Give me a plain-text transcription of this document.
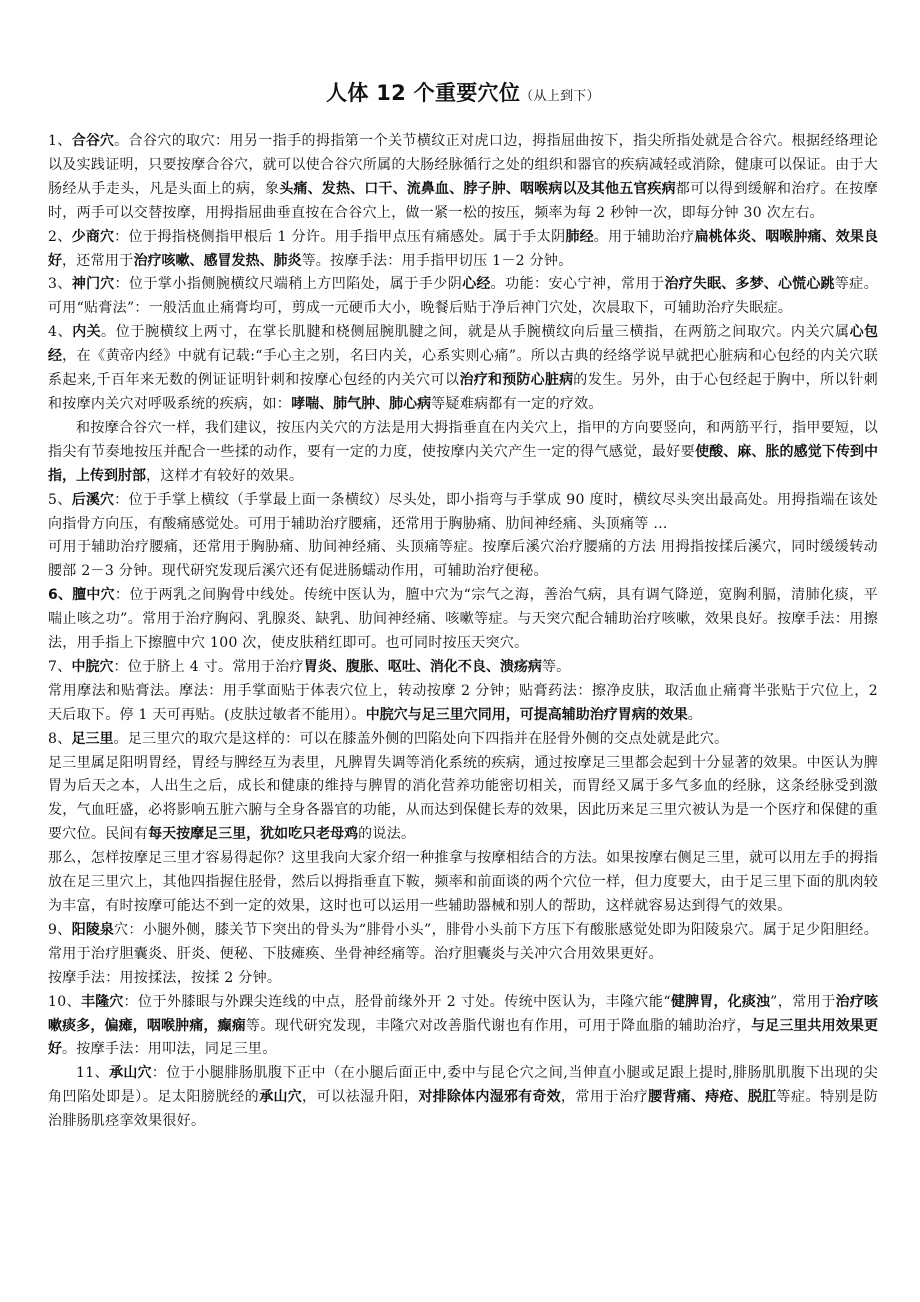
人体 12 个重要穴位（从上到下）

1、合谷穴。合谷穴的取穴：用另一指手的拇指第一个关节横纹正对虎口边，拇指屈曲按下，指尖所指处就是合谷穴。根据经络理论以及实践证明，只要按摩合谷穴，就可以使合谷穴所属的大肠经脉循行之处的组织和器官的疾病减轻或消除，健康可以保证。由于大肠经从手走头，凡是头面上的病，象头痛、发热、口干、流鼻血、脖子肿、咽喉病以及其他五官疾病都可以得到缓解和治疗。在按摩时，两手可以交替按摩，用拇指屈曲垂直按在合谷穴上，做一紧一松的按压，频率为每 2 秒钟一次，即每分钟 30 次左右。

2、少商穴：位于拇指桡侧指甲根后 1 分许。用手指甲点压有痛感处。属于手太阴肺经。用于辅助治疗扁桃体炎、咽喉肿痛、效果良好，还常用于治疗咳嗽、感冒发热、肺炎等。按摩手法：用手指甲切压 1－2 分钟。

3、神门穴：位于掌小指侧腕横纹尺端稍上方凹陷处，属于手少阴心经。功能：安心宁神，常用于治疗失眠、多梦、心慌心跳等症。可用“贴膏法”：一般活血止痛膏均可，剪成一元硬币大小，晚餐后贴于净后神门穴处，次晨取下，可辅助治疗失眠症。

4、内关。位于腕横纹上两寸，在掌长肌腱和桡侧屈腕肌腱之间，就是从手腕横纹向后量三横指，在两筋之间取穴。内关穴属心包经，在《黄帝内经》中就有记载:“手心主之别，名曰内关，心系实则心痛”。所以古典的经络学说早就把心脏病和心包经的内关穴联系起来,千百年来无数的例证证明针刺和按摩心包经的内关穴可以治疗和预防心脏病的发生。另外，由于心包经起于胸中，所以针刺和按摩内关穴对呼吸系统的疾病，如：哮喘、肺气肿、肺心病等疑难病都有一定的疗效。

和按摩合谷穴一样，我们建议，按压内关穴的方法是用大拇指垂直在内关穴上，指甲的方向要竖向，和两筋平行，指甲要短，以指尖有节奏地按压并配合一些揉的动作，要有一定的力度，使按摩内关穴产生一定的得气感觉，最好要使酸、麻、胀的感觉下传到中指，上传到肘部，这样才有较好的效果。

5、后溪穴：位于手掌上横纹（手掌最上面一条横纹）尽头处，即小指弯与手掌成 90 度时，横纹尽头突出最高处。用拇指端在该处向指骨方向压，有酸痛感觉处。可用于辅助治疗腰痛，还常用于胸胁痛、肋间神经痛、头顶痛等 ...

可用于辅助治疗腰痛，还常用于胸胁痛、肋间神经痛、头顶痛等症。按摩后溪穴治疗腰痛的方法 用拇指按揉后溪穴，同时缓缓转动腰部 2－3 分钟。现代研究发现后溪穴还有促进肠蠕动作用，可辅助治疗便秘。

6、膻中穴：位于两乳之间胸骨中线处。传统中医认为，膻中穴为“宗气之海，善治气病，具有调气降逆，宽胸利膈，清肺化痰，平喘止咳之功”。常用于治疗胸闷、乳腺炎、缺乳、肋间神经痛、咳嗽等症。与天突穴配合辅助治疗咳嗽，效果良好。按摩手法：用擦法，用手指上下擦膻中穴 100 次，使皮肤稍红即可。也可同时按压天突穴。

7、中脘穴：位于脐上 4 寸。常用于治疗胃炎、腹胀、呕吐、消化不良、溃疡病等。

常用摩法和贴膏法。摩法：用手掌面贴于体表穴位上，转动按摩 2 分钟；贴膏药法：擦净皮肤，取活血止痛膏半张贴于穴位上，2 天后取下。停 1 天可再贴。(皮肤过敏者不能用）。中脘穴与足三里穴同用，可提高辅助治疗胃病的效果。

8、足三里。足三里穴的取穴是这样的：可以在膝盖外侧的凹陷处向下四指并在胫骨外侧的交点处就是此穴。

足三里属足阳明胃经，胃经与脾经互为表里，凡脾胃失调等消化系统的疾病，通过按摩足三里都会起到十分显著的效果。中医认为脾胃为后天之本，人出生之后，成长和健康的维持与脾胃的消化营养功能密切相关，而胃经又属于多气多血的经脉，这条经脉受到激发，气血旺盛，必将影响五脏六腑与全身各器官的功能，从而达到保健长寿的效果，因此历来足三里穴被认为是一个医疗和保健的重要穴位。民间有每天按摩足三里，犹如吃只老母鸡的说法。

那么，怎样按摩足三里才容易得起你？这里我向大家介绍一种推拿与按摩相结合的方法。如果按摩右侧足三里，就可以用左手的拇指放在足三里穴上，其他四指握住胫骨，然后以拇指垂直下鞍，频率和前面谈的两个穴位一样，但力度要大，由于足三里下面的肌肉较为丰富，有时按摩可能达不到一定的效果，这时也可以运用一些辅助器械和别人的帮助，这样就容易达到得气的效果。

9、阳陵泉穴：小腿外侧，膝关节下突出的骨头为“腓骨小头”，腓骨小头前下方压下有酸胀感觉处即为阳陵泉穴。属于足少阳胆经。常用于治疗胆囊炎、肝炎、便秘、下肢瘫痪、坐骨神经痛等。治疗胆囊炎与关冲穴合用效果更好。

按摩手法：用按揉法，按揉 2 分钟。

10、丰隆穴：位于外膝眼与外踝尖连线的中点，胫骨前缘外开 2 寸处。传统中医认为，丰隆穴能“健脾胃，化痰浊”，常用于治疗咳嗽痰多，偏瘫，咽喉肿痛，癫痫等。现代研究发现，丰隆穴对改善脂代谢也有作用，可用于降血脂的辅助治疗，与足三里共用效果更好。按摩手法：用叩法，同足三里。

11、承山穴：位于小腿腓肠肌腹下正中（在小腿后面正中,委中与昆仑穴之间,当伸直小腿或足跟上提时,腓肠肌肌腹下出现的尖角凹陷处即是）。足太阳膀胱经的承山穴，可以祛湿升阳，对排除体内湿邪有奇效，常用于治疗腰背痛、痔疮、脱肛等症。特别是防治腓肠肌痉挛效果很好。
